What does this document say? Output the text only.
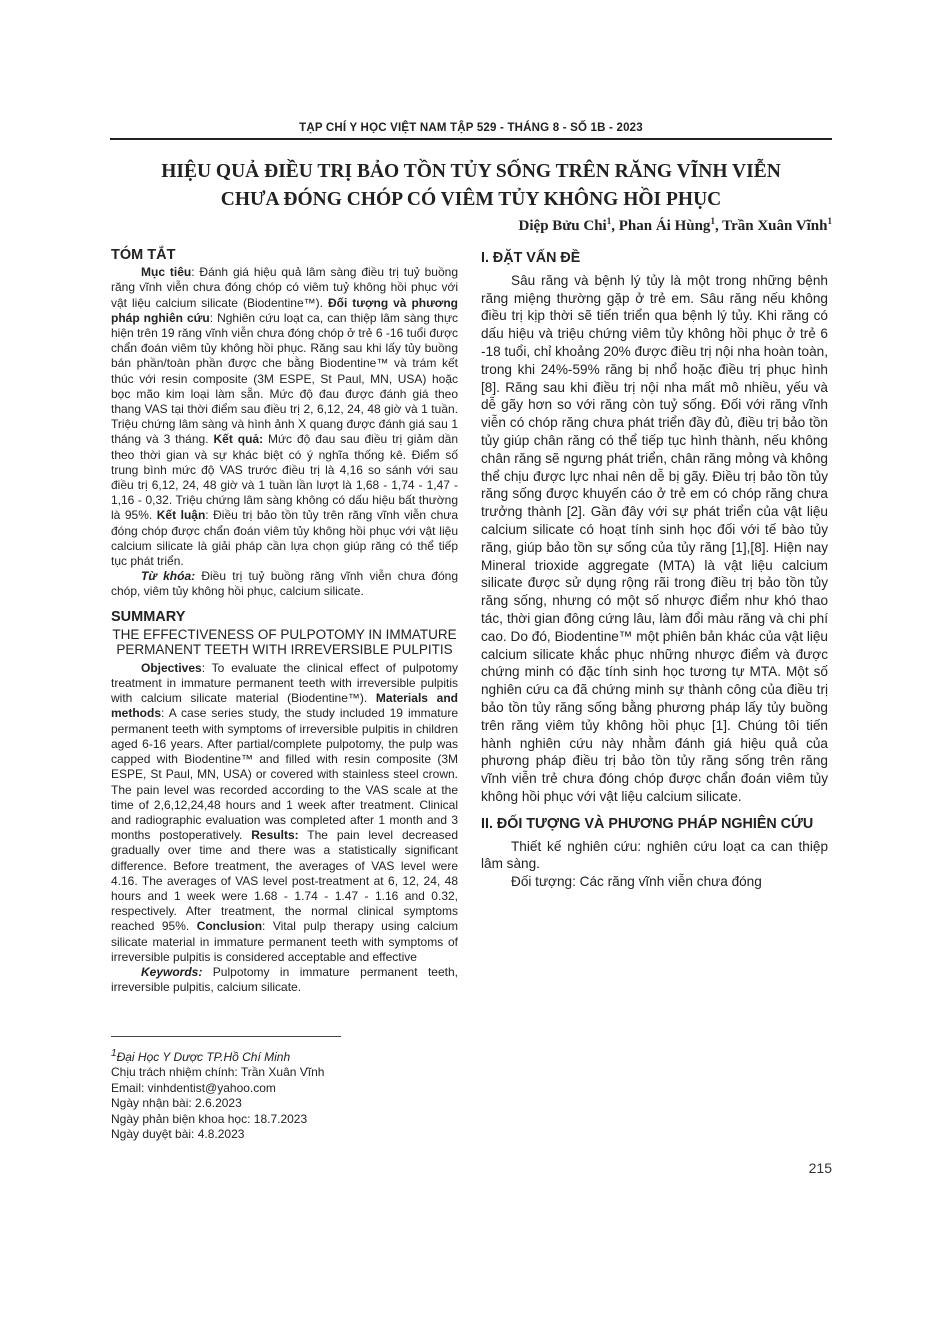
TẠP CHÍ Y HỌC VIỆT NAM TẬP 529 - THÁNG 8 - SỐ 1B - 2023
HIỆU QUẢ ĐIỀU TRỊ BẢO TỒN TỦY SỐNG TRÊN RĂNG VĨNH VIỄN
CHƯA ĐÓNG CHÓP CÓ VIÊM TỦY KHÔNG HỒI PHỤC
Diệp Bửu Chi$^1$, Phan Ái Hùng$^1$, Trần Xuân Vĩnh$^1$
TÓM TẮT

Mục tiêu: Đánh giá hiệu quả lâm sàng điều trị tuỷ buồng răng vĩnh viễn chưa đóng chóp có viêm tuỷ không hồi phục với vật liệu calcium silicate (Biodentine™). Đối tượng và phương pháp nghiên cứu: Nghiên cứu loạt ca, can thiệp lâm sàng thực hiện trên 19 răng vĩnh viễn chưa đóng chóp ở trẻ 6 -16 tuổi được chẩn đoán viêm tủy không hồi phục. Răng sau khi lấy tủy buồng bán phần/toàn phần được che bằng Biodentine™ và trám kết thúc với resin composite (3M ESPE, St Paul, MN, USA) hoặc bọc mão kim loại làm sẵn. Mức độ đau được đánh giá theo thang VAS tại thời điểm sau điều trị 2, 6,12, 24, 48 giờ và 1 tuần. Triệu chứng lâm sàng và hình ảnh X quang được đánh giá sau 1 tháng và 3 tháng. Kết quả: Mức độ đau sau điều trị giảm dần theo thời gian và sự khác biệt có ý nghĩa thống kê. Điểm số trung bình mức độ VAS trước điều trị là 4,16 so sánh với sau điều trị 6,12, 24, 48 giờ và 1 tuần lần lượt là 1,68 - 1,74 - 1,47 - 1,16 - 0,32. Triệu chứng lâm sàng không có dấu hiệu bất thường là 95%. Kết luận: Điều trị bảo tồn tủy trên răng vĩnh viễn chưa đóng chóp được chẩn đoán viêm tủy không hồi phục với vật liệu calcium silicate là giải pháp cần lựa chọn giúp răng có thể tiếp tục phát triển.

Từ khóa: Điều trị tuỷ buồng răng vĩnh viễn chưa đóng chóp, viêm tủy không hồi phục, calcium silicate.

SUMMARY
THE EFFECTIVENESS OF PULPOTOMY IN IMMATURE PERMANENT TEETH WITH IRREVERSIBLE PULPITIS

Objectives: To evaluate the clinical effect of pulpotomy treatment in immature permanent teeth with irreversible pulpitis with calcium silicate material (Biodentine™). Materials and methods: A case series study, the study included 19 immature permanent teeth with symptoms of irreversible pulpitis in children aged 6-16 years. After partial/complete pulpotomy, the pulp was capped with Biodentine™ and filled with resin composite (3M ESPE, St Paul, MN, USA) or covered with stainless steel crown. The pain level was recorded according to the VAS scale at the time of 2,6,12,24,48 hours and 1 week after treatment. Clinical and radiographic evaluation was completed after 1 month and 3 months postoperatively. Results: The pain level decreased gradually over time and there was a statistically significant difference. Before treatment, the averages of VAS level were 4.16. The averages of VAS level post-treatment at 6, 12, 24, 48 hours and 1 week were 1.68 - 1.74 - 1.47 - 1.16 and 0.32, respectively. After treatment, the normal clinical symptoms reached 95%. Conclusion: Vital pulp therapy using calcium silicate material in immature permanent teeth with symptoms of irreversible pulpitis is considered acceptable and effective

Keywords: Pulpotomy in immature permanent teeth, irreversible pulpitis, calcium silicate.

$^1$Đại Học Y Dược TP.Hồ Chí Minh
Chịu trách nhiệm chính: Trần Xuân Vĩnh
Email: vinhdentist@yahoo.com
Ngày nhận bài: 2.6.2023
Ngày phản biện khoa học: 18.7.2023
Ngày duyệt bài: 4.8.2023
I. ĐẶT VẤN ĐỀ

Sâu răng và bệnh lý tủy là một trong những bệnh răng miệng thường gặp ở trẻ em. Sâu răng nếu không điều trị kịp thời sẽ tiến triển qua bệnh lý tủy. Khi răng có dấu hiệu và triệu chứng viêm tủy không hồi phục ở trẻ 6 -18 tuổi, chỉ khoảng 20% được điều trị nội nha hoàn toàn, trong khi 24%-59% răng bị nhổ hoặc điều trị phục hình [8]. Răng sau khi điều trị nội nha mất mô nhiều, yếu và dễ gãy hơn so với răng còn tuỷ sống. Đối với răng vĩnh viễn có chóp răng chưa phát triển đầy đủ, điều trị bảo tồn tủy giúp chân răng có thể tiếp tục hình thành, nếu không chân răng sẽ ngưng phát triển, chân răng mỏng và không thể chịu được lực nhai nên dễ bị gãy. Điều trị bảo tồn tủy răng sống được khuyến cáo ở trẻ em có chóp răng chưa trưởng thành [2]. Gần đây với sự phát triển của vật liệu calcium silicate có hoạt tính sinh học đối với tế bào tủy răng, giúp bảo tồn sự sống của tủy răng [1],[8]. Hiện nay Mineral trioxide aggregate (MTA) là vật liệu calcium silicate được sử dụng rộng rãi trong điều trị bảo tồn tủy răng sống, nhưng có một số nhược điểm như khó thao tác, thời gian đông cứng lâu, làm đổi màu răng và chi phí cao. Do đó, Biodentine™ một phiên bản khác của vật liệu calcium silicate khắc phục những nhược điểm và được chứng minh có đặc tính sinh học tương tự MTA. Một số nghiên cứu ca đã chứng minh sự thành công của điều trị bảo tồn tủy răng sống bằng phương pháp lấy tủy buồng trên răng viêm tủy không hồi phục [1]. Chúng tôi tiến hành nghiên cứu này nhằm đánh giá hiệu quả của phương pháp điều trị bảo tồn tủy răng sống trên răng vĩnh viễn trẻ chưa đóng chóp được chẩn đoán viêm tủy không hồi phục với vật liệu calcium silicate.

II. ĐỐI TƯỢNG VÀ PHƯƠNG PHÁP NGHIÊN CỨU

Thiết kế nghiên cứu: nghiên cứu loạt ca can thiệp lâm sàng.

Đối tượng: Các răng vĩnh viễn chưa đóng

215
